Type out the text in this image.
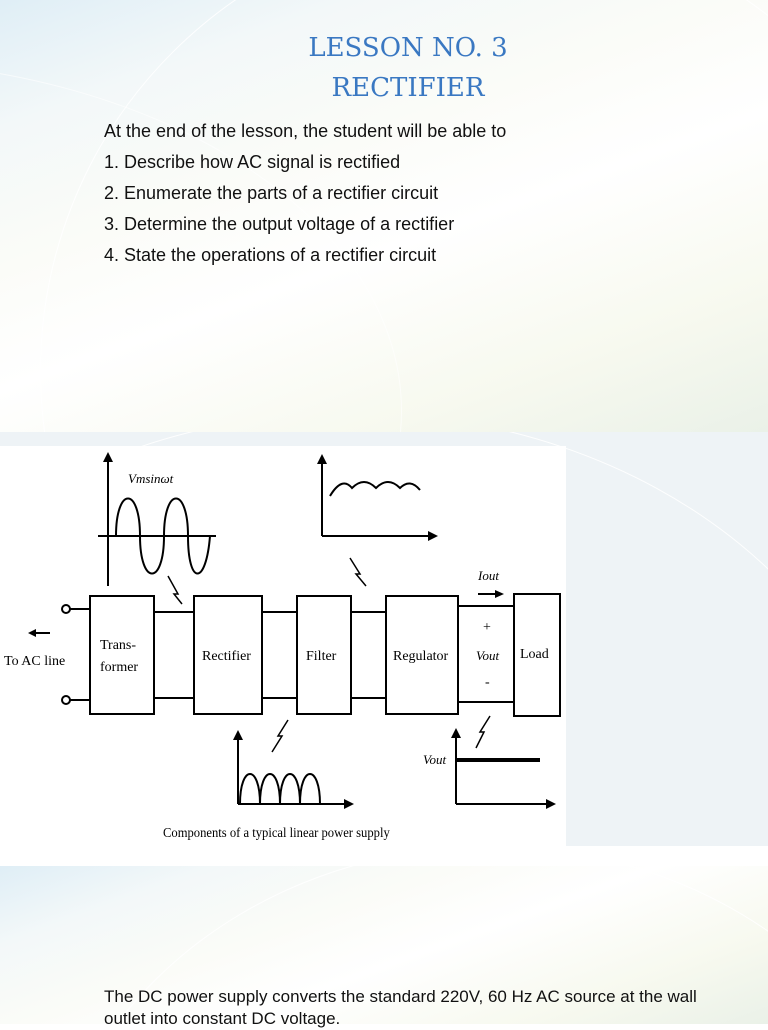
LESSON NO. 3
RECTIFIER
At the end of the lesson, the student will be able to
1. Describe how AC signal is rectified
2. Enumerate the parts of a rectifier circuit
3. Determine the output voltage of a rectifier
4. State the operations of a rectifier circuit
Trans-
former
Rectifier	Filter	Regulator	Load
To AC line
+
Vout
-
Iout
Vmsinωt
Vout
Components of a typical linear power supply
The DC power supply converts the standard 220V, 60 Hz AC source at the wall outlet into constant DC voltage.
